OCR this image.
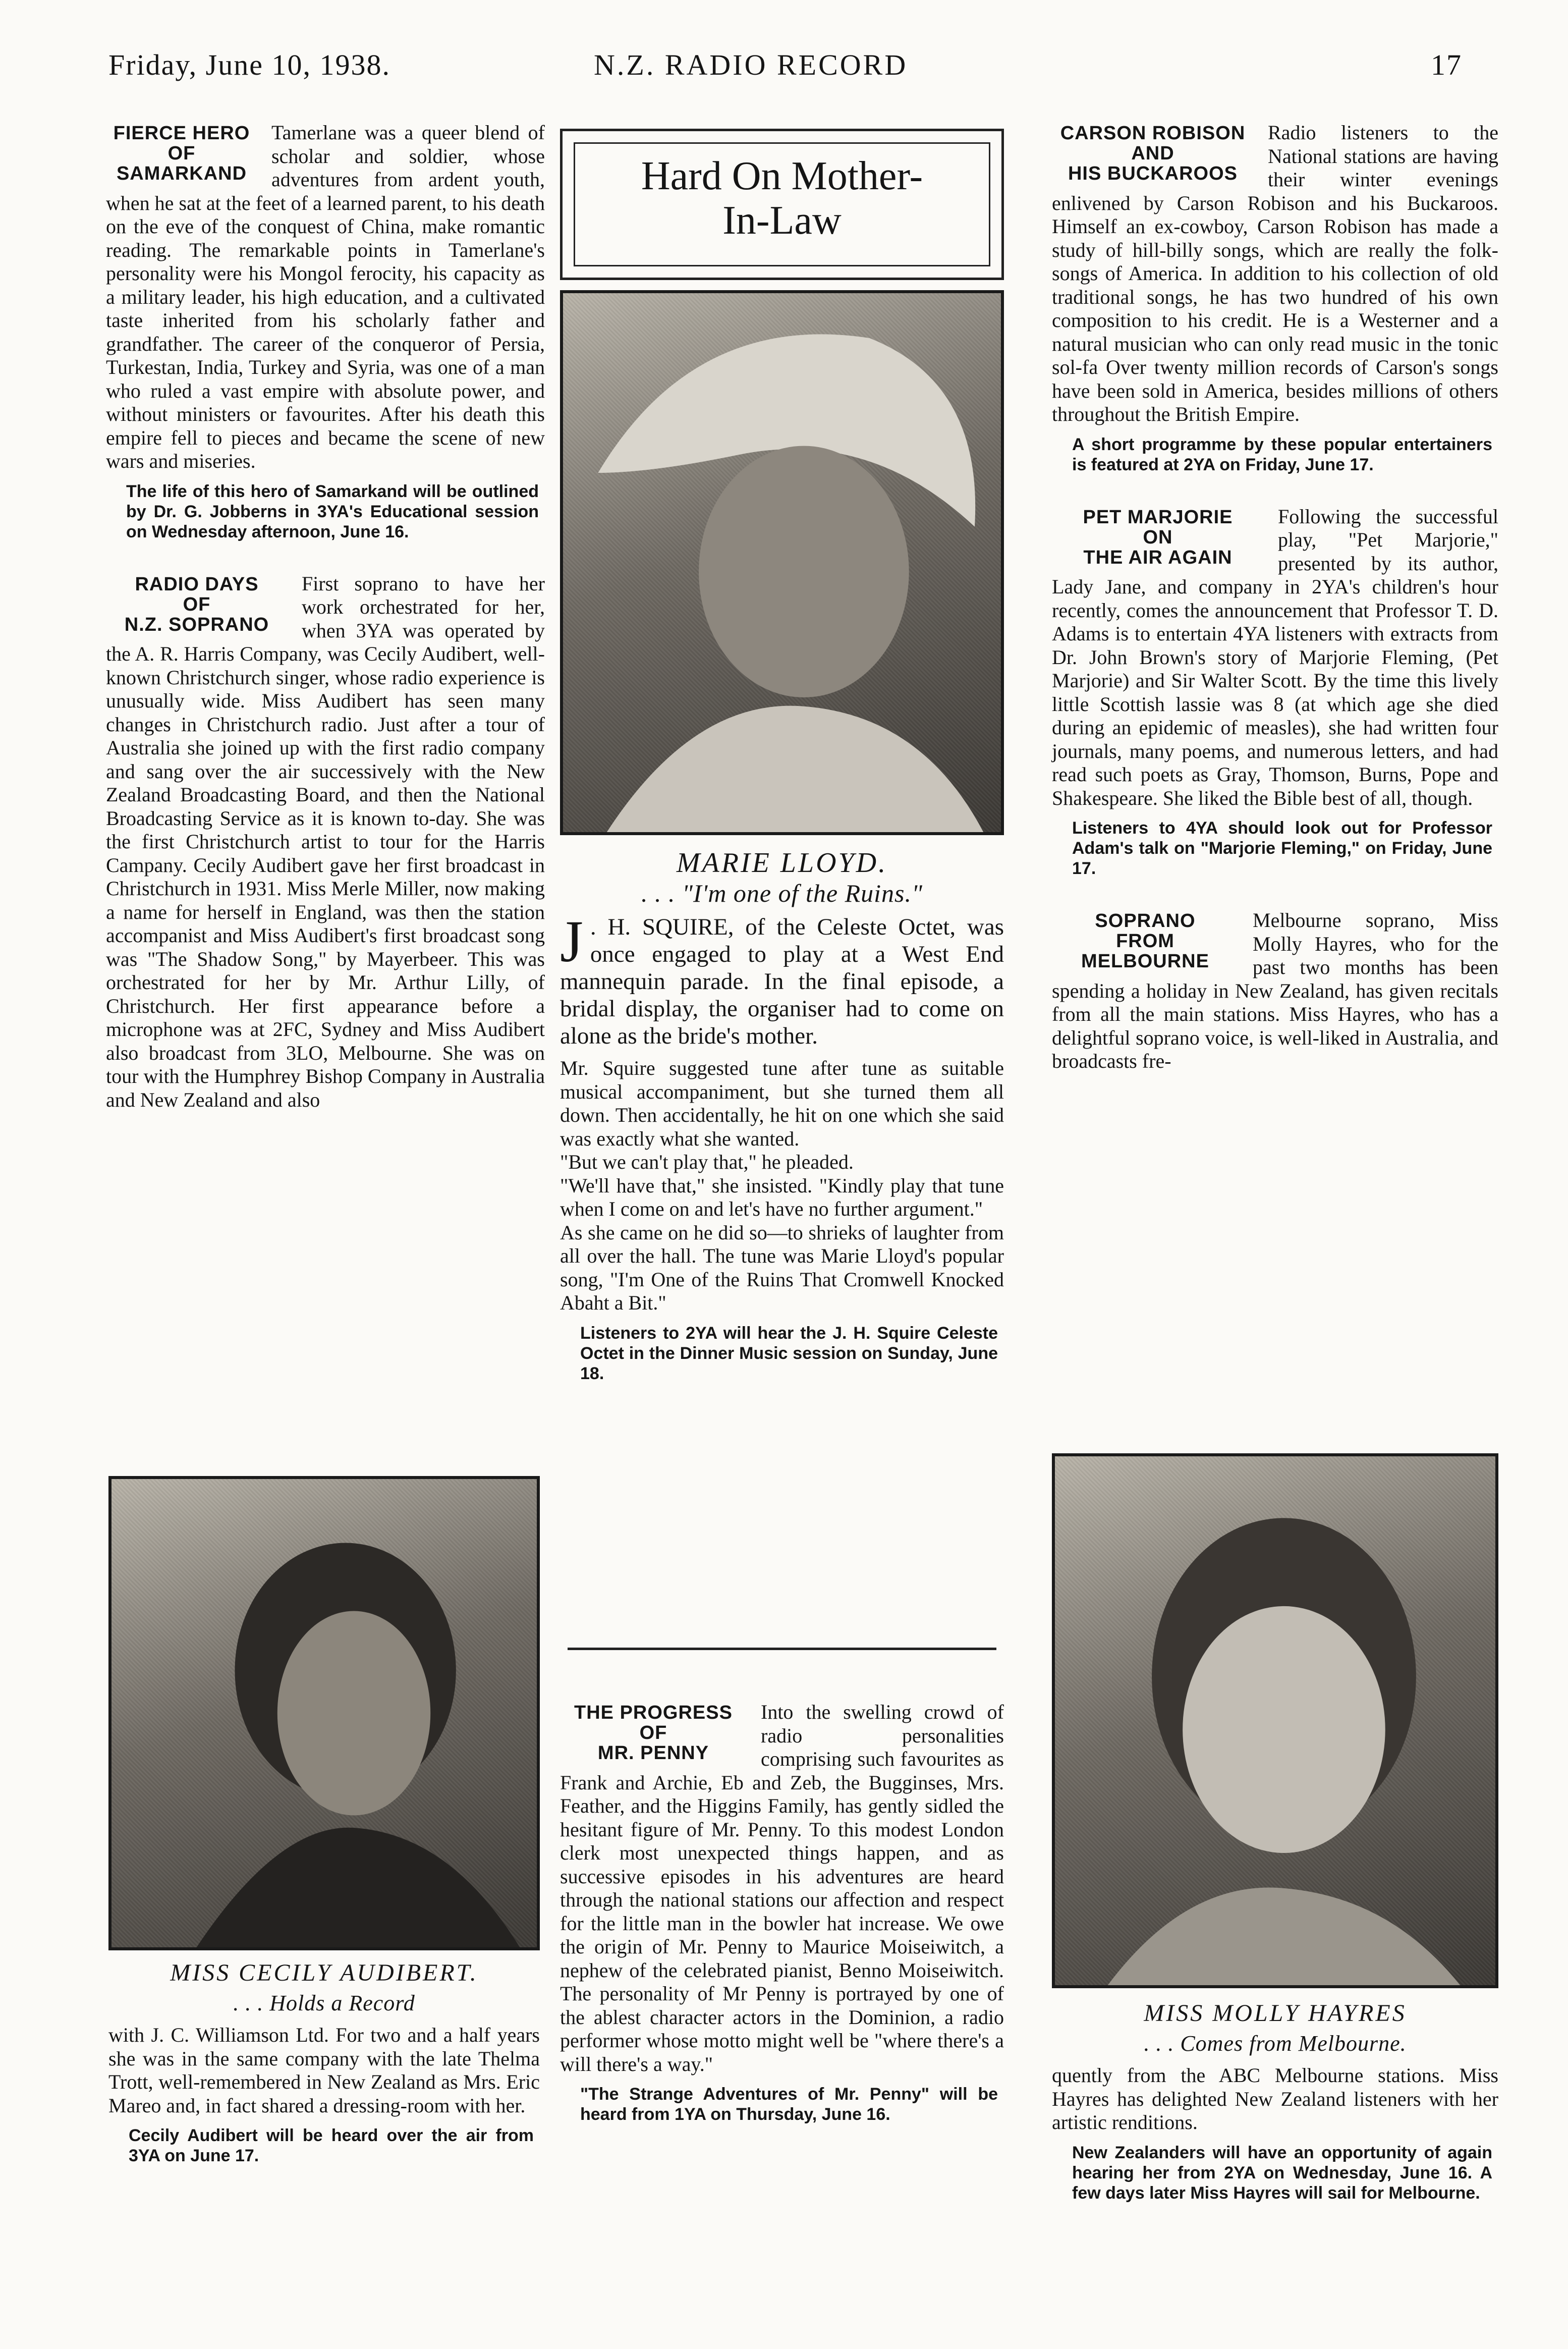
Friday, June 10, 1938.	N.Z. RADIO RECORD	17
FIERCE HERO
OF
SAMARKAND

Tamerlane was a queer blend of scholar and soldier, whose adventures from ardent youth, when he sat at the feet of a learned parent, to his death on the eve of the conquest of China, make romantic reading. The remarkable points in Tamerlane's personality were his Mongol ferocity, his capacity as a military leader, his high education, and a cultivated taste inherited from his scholarly father and grandfather. The career of the conqueror of Persia, Turkestan, India, Turkey and Syria, was one of a man who ruled a vast empire with absolute power, and without ministers or favourites. After his death this empire fell to pieces and became the scene of new wars and miseries.

The life of this hero of Samarkand will be outlined by Dr. G. Jobberns in 3YA's Educational session on Wednesday afternoon, June 16.

RADIO DAYS
OF
N.Z. SOPRANO

First soprano to have her work orchestrated for her, when 3YA was operated by the A. R. Harris Company, was Cecily Audibert, well-known Christchurch singer, whose radio experience is unusually wide. Miss Audibert has seen many changes in Christchurch radio. Just after a tour of Australia she joined up with the first radio company and sang over the air successively with the New Zealand Broadcasting Board, and then the National Broadcasting Service as it is known to-day. She was the first Christchurch artist to tour for the Harris Campany. Cecily Audibert gave her first broadcast in Christchurch in 1931. Miss Merle Miller, now making a name for herself in England, was then the station accompanist and Miss Audibert's first broadcast song was "The Shadow Song," by Mayerbeer. This was orchestrated for her by Mr. Arthur Lilly, of Christchurch. Her first appearance before a microphone was at 2FC, Sydney and Miss Audibert also broadcast from 3LO, Melbourne. She was on tour with the Humphrey Bishop Company in Australia and New Zealand and also

MISS CECILY AUDIBERT.
. . . Holds a Record

with J. C. Williamson Ltd. For two and a half years she was in the same company with the late Thelma Trott, well-remembered in New Zealand as Mrs. Eric Mareo and, in fact shared a dressing-room with her.

Cecily Audibert will be heard over the air from 3YA on June 17.

Hard On Mother-
In-Law
MARIE LLOYD.
. . . "I'm one of the Ruins."
J . H. SQUIRE, of the Celeste Octet, was once engaged to play at a West End mannequin parade. In the final episode, a bridal display, the organiser had to come on alone as the bride's mother.

Mr. Squire suggested tune after tune as suitable musical accompaniment, but she turned them all down. Then accidentally, he hit on one which she said was exactly what she wanted.

"But we can't play that," he pleaded.

"We'll have that," she insisted. "Kindly play that tune when I come on and let's have no further argument."

As she came on he did so—to shrieks of laughter from all over the hall. The tune was Marie Lloyd's popular song, "I'm One of the Ruins That Cromwell Knocked Abaht a Bit."

Listeners to 2YA will hear the J. H. Squire Celeste Octet in the Dinner Music session on Sunday, June 18.

THE PROGRESS
OF
MR. PENNY

Into the swelling crowd of radio personalities comprising such favourites as Frank and Archie, Eb and Zeb, the Bugginses, Mrs. Feather, and the Higgins Family, has gently sidled the hesitant figure of Mr. Penny. To this modest London clerk most unexpected things happen, and as successive episodes in his adventures are heard through the national stations our affection and respect for the little man in the bowler hat increase. We owe the origin of Mr. Penny to Maurice Moiseiwitch, a nephew of the celebrated pianist, Benno Moiseiwitch. The personality of Mr Penny is portrayed by one of the ablest character actors in the Dominion, a radio performer whose motto might well be "where there's a will there's a way."

"The Strange Adventures of Mr. Penny" will be heard from 1YA on Thursday, June 16.

CARSON ROBISON
AND
HIS BUCKAROOS

Radio listeners to the National stations are having their winter evenings enlivened by Carson Robison and his Buckaroos. Himself an ex-cowboy, Carson Robison has made a study of hill-billy songs, which are really the folk-songs of America. In addition to his collection of old traditional songs, he has two hundred of his own composition to his credit. He is a Westerner and a natural musician who can only read music in the tonic sol-fa Over twenty million records of Carson's songs have been sold in America, besides millions of others throughout the British Empire.

A short programme by these popular entertainers is featured at 2YA on Friday, June 17.

PET MARJORIE
ON
THE AIR AGAIN

Following the successful play, "Pet Marjorie," presented by its author, Lady Jane, and company in 2YA's children's hour recently, comes the announcement that Professor T. D. Adams is to entertain 4YA listeners with extracts from Dr. John Brown's story of Marjorie Fleming, (Pet Marjorie) and Sir Walter Scott. By the time this lively little Scottish lassie was 8 (at which age she died during an epidemic of measles), she had written four journals, many poems, and numerous letters, and had read such poets as Gray, Thomson, Burns, Pope and Shakespeare. She liked the Bible best of all, though.

Listeners to 4YA should look out for Professor Adam's talk on "Marjorie Fleming," on Friday, June 17.

SOPRANO
FROM
MELBOURNE

Melbourne soprano, Miss Molly Hayres, who for the past two months has been spending a holiday in New Zealand, has given recitals from all the main stations. Miss Hayres, who has a delightful soprano voice, is well-liked in Australia, and broadcasts fre-

MISS MOLLY HAYRES
. . . Comes from Melbourne.

quently from the ABC Melbourne stations. Miss Hayres has delighted New Zealand listeners with her artistic renditions.

New Zealanders will have an opportunity of again hearing her from 2YA on Wednesday, June 16. A few days later Miss Hayres will sail for Melbourne.
